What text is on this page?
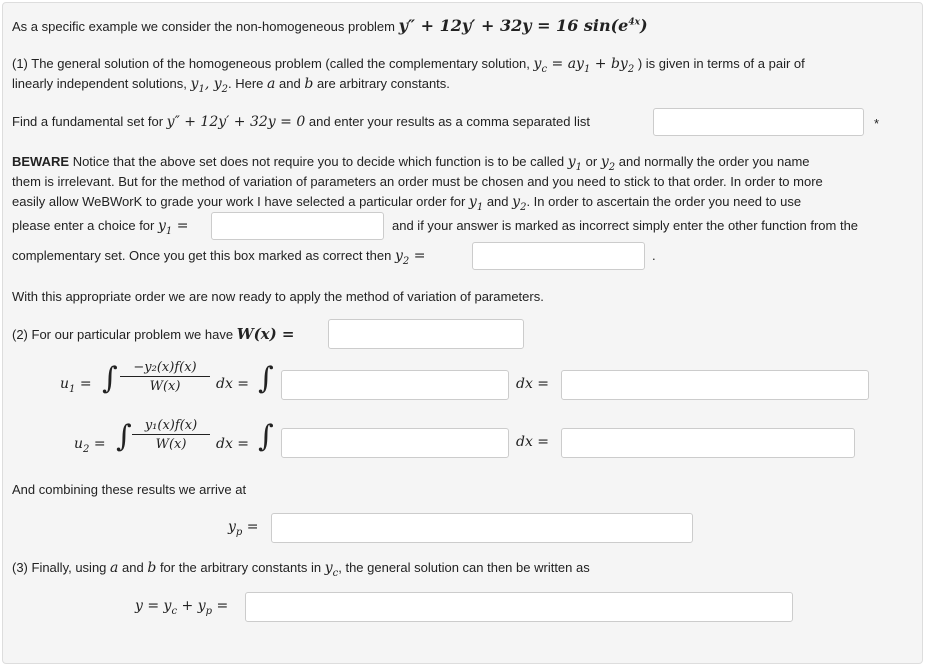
As a specific example we consider the non-homogeneous problem y″ + 12y′ + 32y = 16 $\sin(e^{4x})$
(1) The general solution of the homogeneous problem (called the complementary solution, $y_c = ay_1 + by_2$ ) is given in terms of a pair of
linearly independent solutions, $y_1$, $y_2$. Here a and b are arbitrary constants.
Find a fundamental set for y″ + 12y′ + 32y = 0 and enter your results as a comma separated list	*
BEWARE Notice that the above set does not require you to decide which function is to be called $y_1$ or $y_2$ and normally the order you name
them is irrelevant. But for the method of variation of parameters an order must be chosen and you need to stick to that order. In order to more
easily allow WeBWorK to grade your work I have selected a particular order for $y_1$ and $y_2$. In order to ascertain the order you need to use
please enter a choice for $y_1$ =	and if your answer is marked as incorrect simply enter the other function from the
complementary set. Once you get this box marked as correct then $y_2$ =	.
With this appropriate order we are now ready to apply the method of variation of parameters.
(2) For our particular problem we have W(x) =
$u_1$ = ∫ $\frac{\text{−y₂(x)f(x)}}{W(x)}$ dx = ∫	dx =
$u_2$ = ∫ $\frac{\text{y₁(x)f(x)}}{W(x)}$ dx = ∫	dx =
And combining these results we arrive at
$y_p$ =
(3) Finally, using a and b for the arbitrary constants in $y_c$, the general solution can then be written as
$y = y_c + y_p$ =
